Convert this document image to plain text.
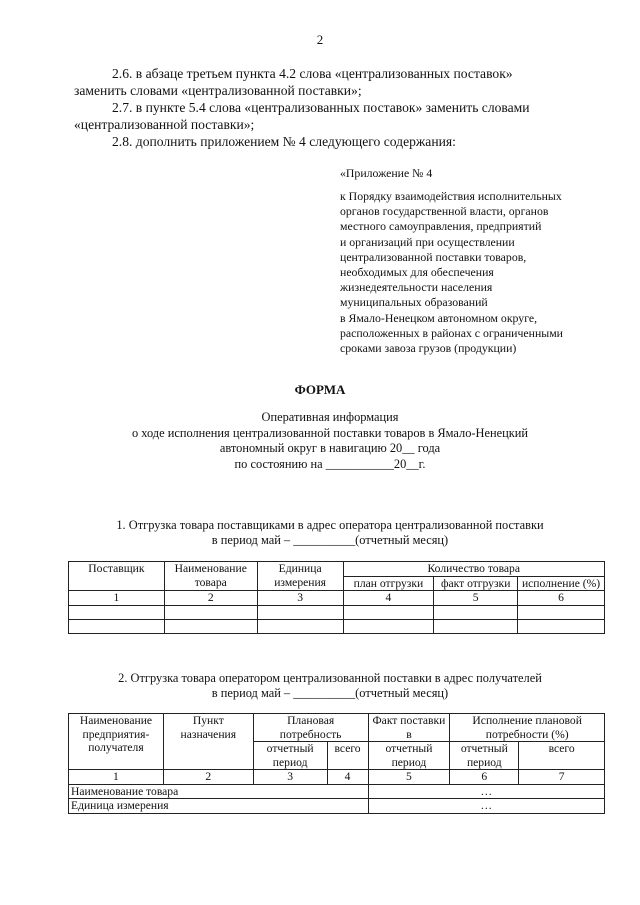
2
2.6. в абзаце третьем пункта 4.2 слова «централизованных поставок»
заменить словами «централизованной поставки»;
2.7. в пункте 5.4 слова «централизованных поставок» заменить словами
«централизованной поставки»;
2.8. дополнить приложением № 4 следующего содержания:
«Приложение № 4
к Порядку взаимодействия исполнительных
органов государственной власти, органов
местного самоуправления, предприятий
и организаций при осуществлении
централизованной поставки товаров,
необходимых для обеспечения
жизнедеятельности населения
муниципальных образований
в Ямало-Ненецком автономном округе,
расположенных в районах с ограниченными
сроками завоза грузов (продукции)
ФОРМА
Оперативная информация
о ходе исполнения централизованной поставки товаров в Ямало-Ненецкий
автономный округ в навигацию 20__ года
по состоянию на ___________20__г.
1. Отгрузка товара поставщиками в адрес оператора централизованной поставки
в период май – __________(отчетный месяц)
Поставщик	Наименование товара	Единица измерения	Количество товара		
			план отгрузки	факт отгрузки	исполнение (%)
1	2	3	4	5	6

2. Отгрузка товара оператором централизованной поставки в адрес получателей
в период май – __________(отчетный месяц)
Наименование предприятия-получателя	Пункт назначения	Плановая потребность		Факт поставки в	Исполнение плановой потребности (%)	
		отчетный период	всего	отчетный период	отчетный период	всего
1	2	3	4	5	6	7
Наименование товара				…		
Единица измерения				…		
